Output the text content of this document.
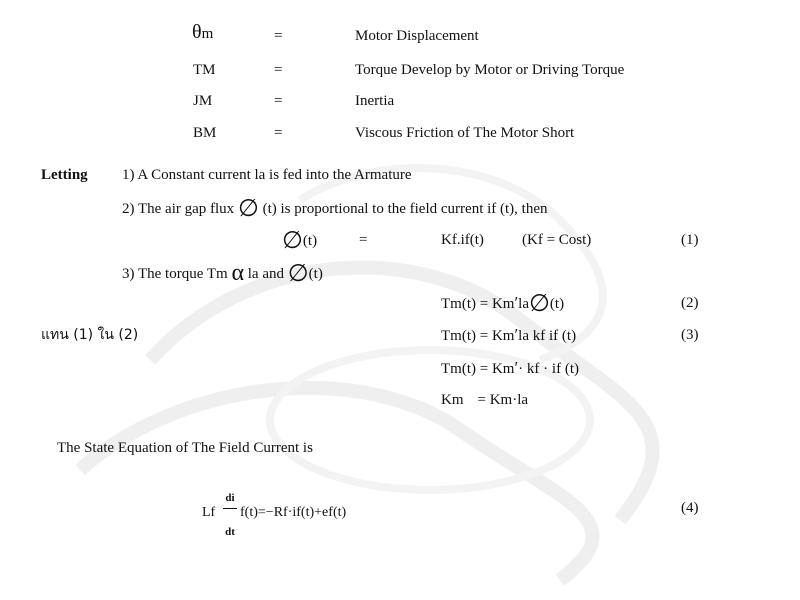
θm	=	Motor Displacement
TM	=	Torque Develop by Motor or Driving Torque
JM	=	Inertia
BM	=	Viscous Friction of The Motor Short
Letting 1) A Constant current la is fed into the Armature
2) The air gap flux ∅ (t) is proportional to the field current if (t), then
∅(t)	=	Kf.if(t)	(Kf = Cost)	(1)
3) The torque Tm α la and ∅(t)
Tm(t) = Km′la∅(t)	(2)
แทน (1) ใน (2)	Tm(t) = Km′la kf if (t)	(3)
Tm(t) = Km′· kf · if (t)
Km = Km·la
The State Equation of The Field Current is
Lf
di
dt
f(t)=−Rf·if(t)+ef(t)	(4)
